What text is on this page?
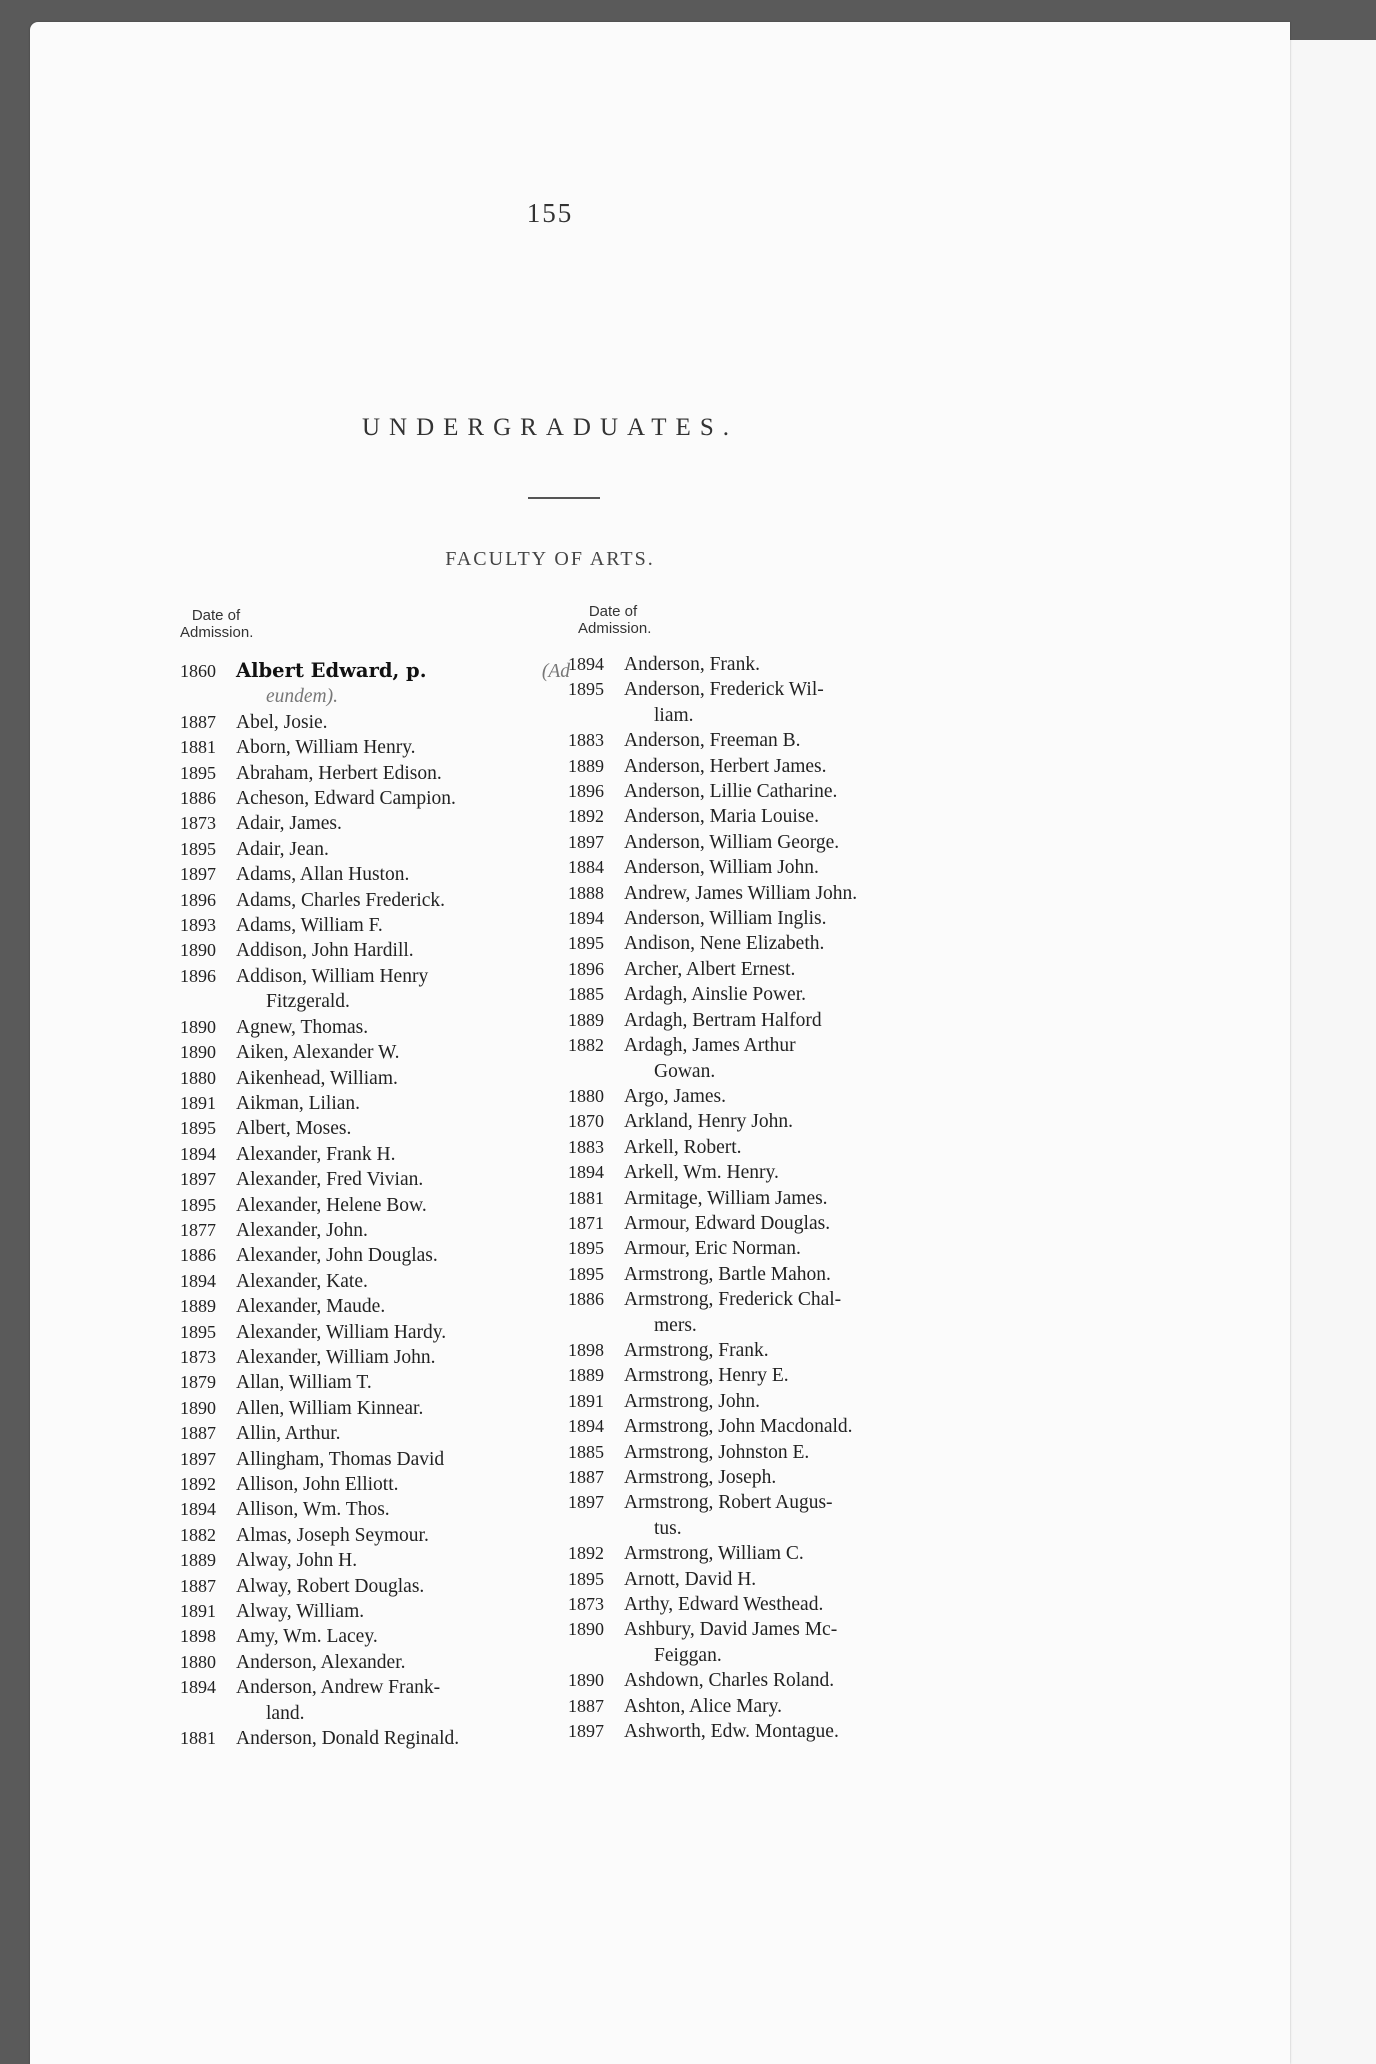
155
UNDERGRADUATES.
FACULTY OF ARTS.
Date of Admission.
Date of Admission.
1860	Albert Edward, p.	(Ad
eundem).
1887	Abel, Josie.
1881	Aborn, William Henry.
1895	Abraham, Herbert Edison.
1886	Acheson, Edward Campion.
1873	Adair, James.
1895	Adair, Jean.
1897	Adams, Allan Huston.
1896	Adams, Charles Frederick.
1893	Adams, William F.
1890	Addison, John Hardill.
1896	Addison, William Henry
Fitzgerald.
1890	Agnew, Thomas.
1890	Aiken, Alexander W.
1880	Aikenhead, William.
1891	Aikman, Lilian.
1895	Albert, Moses.
1894	Alexander, Frank H.
1897	Alexander, Fred Vivian.
1895	Alexander, Helene Bow.
1877	Alexander, John.
1886	Alexander, John Douglas.
1894	Alexander, Kate.
1889	Alexander, Maude.
1895	Alexander, William Hardy.
1873	Alexander, William John.
1879	Allan, William T.
1890	Allen, William Kinnear.
1887	Allin, Arthur.
1897	Allingham, Thomas David
1892	Allison, John Elliott.
1894	Allison, Wm. Thos.
1882	Almas, Joseph Seymour.
1889	Alway, John H.
1887	Alway, Robert Douglas.
1891	Alway, William.
1898	Amy, Wm. Lacey.
1880	Anderson, Alexander.
1894	Anderson, Andrew Frank-
land.
1881	Anderson, Donald Reginald.
1894	Anderson, Frank.
1895	Anderson, Frederick Wil-
liam.
1883	Anderson, Freeman B.
1889	Anderson, Herbert James.
1896	Anderson, Lillie Catharine.
1892	Anderson, Maria Louise.
1897	Anderson, William George.
1884	Anderson, William John.
1888	Andrew, James William John.
1894	Anderson, William Inglis.
1895	Andison, Nene Elizabeth.
1896	Archer, Albert Ernest.
1885	Ardagh, Ainslie Power.
1889	Ardagh, Bertram Halford
1882	Ardagh, James Arthur
Gowan.
1880	Argo, James.
1870	Arkland, Henry John.
1883	Arkell, Robert.
1894	Arkell, Wm. Henry.
1881	Armitage, William James.
1871	Armour, Edward Douglas.
1895	Armour, Eric Norman.
1895	Armstrong, Bartle Mahon.
1886	Armstrong, Frederick Chal-
mers.
1898	Armstrong, Frank.
1889	Armstrong, Henry E.
1891	Armstrong, John.
1894	Armstrong, John Macdonald.
1885	Armstrong, Johnston E.
1887	Armstrong, Joseph.
1897	Armstrong, Robert Augus-
tus.
1892	Armstrong, William C.
1895	Arnott, David H.
1873	Arthy, Edward Westhead.
1890	Ashbury, David James Mc-
Feiggan.
1890	Ashdown, Charles Roland.
1887	Ashton, Alice Mary.
1897	Ashworth, Edw. Montague.
